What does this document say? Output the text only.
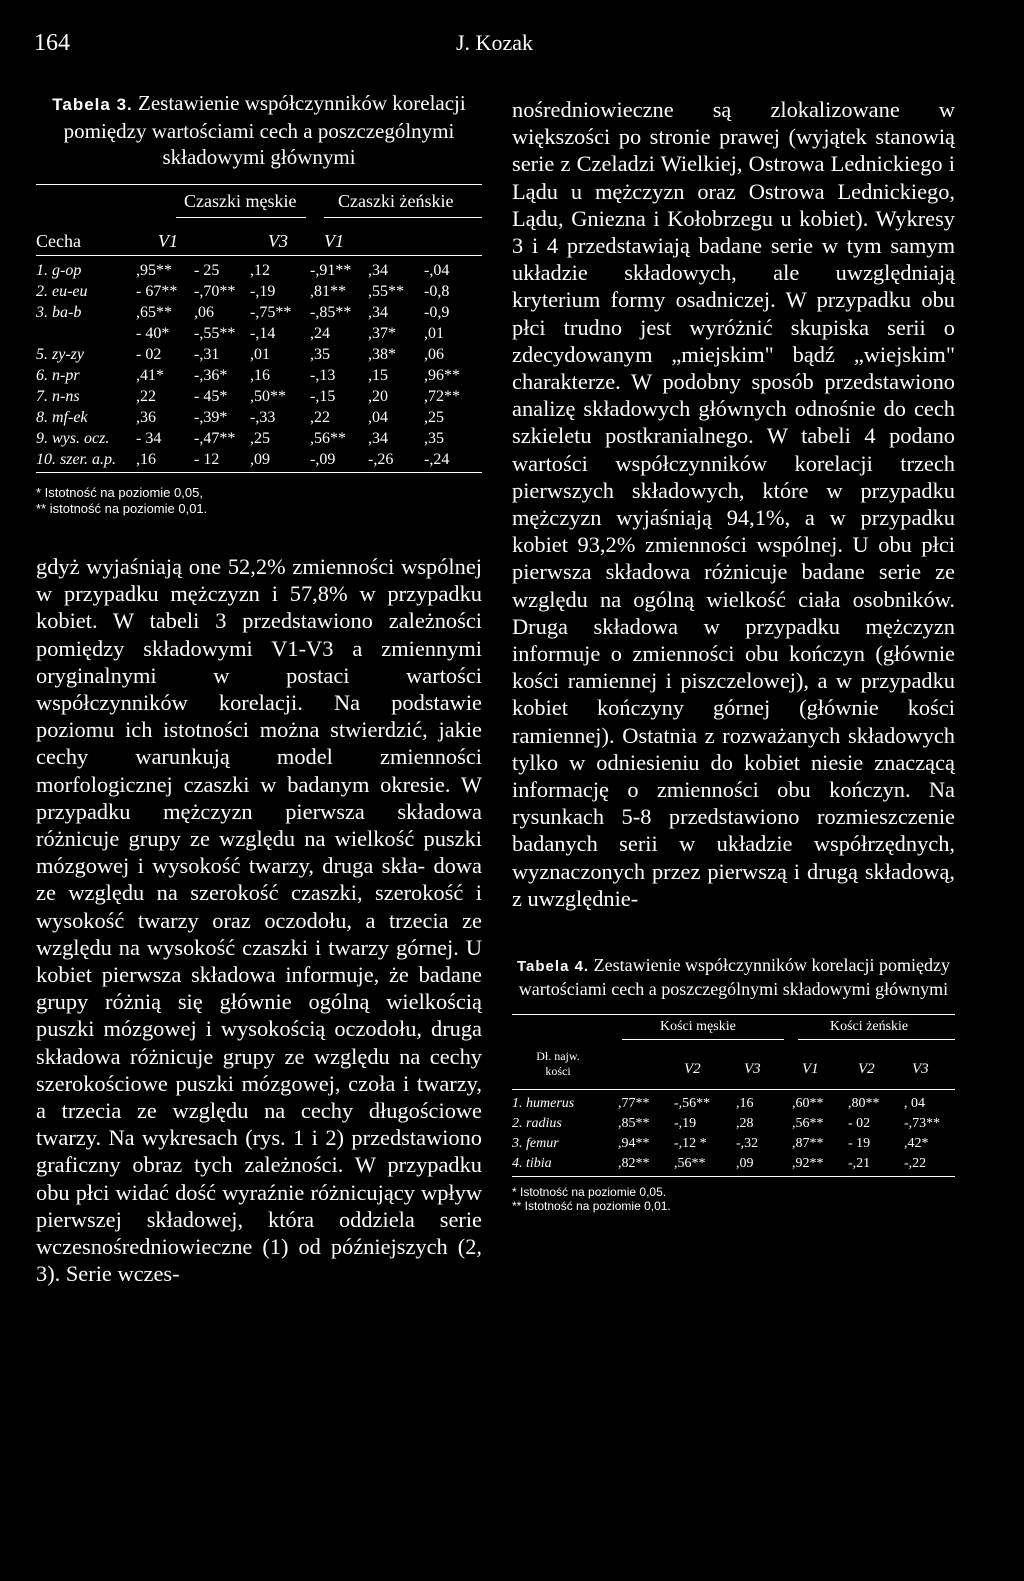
164	J. Kozak
Tabela 3. Zestawienie współczynników korelacji pomiędzy wartościami cech a poszczególnymi składowymi głównymi
Czaszki męskie Czaszki żeńskie
Cecha	V1	V3 V1
1. g-op	,95**	- 25	,12	-,91**	,34	-,04
2. eu-eu	- 67**	-,70**	-,19	,81**	,55**	-0,8
3. ba-b	,65**	,06	-,75**	-,85**	,34	-0,9
	- 40*	-,55**	-,14	,24	,37*	,01
5. zy-zy	- 02	-,31	,01	,35	,38*	,06
6. n-pr	,41*	-,36*	,16	-,13	,15	,96**
7. n-ns	,22	- 45*	,50**	-,15	,20	,72**
8. mf-ek	,36	-,39*	-,33	,22	,04	,25
9. wys. ocz.	- 34	-,47**	,25	,56**	,34	,35
10. szer. a.p.	,16	- 12	,09	-,09	-,26	-,24
* Istotność na poziomie 0,05,
** istotność na poziomie 0,01.

gdyż wyjaśniają one 52,2% zmienności wspólnej w przypadku mężczyzn i 57,8% w przypadku kobiet. W tabeli 3 przedstawiono zależności pomiędzy składowymi V1-V3 a zmiennymi oryginalnymi w postaci wartości współczynników korelacji. Na podstawie poziomu ich istotności można stwierdzić, jakie cechy warunkują model zmienności morfologicznej czaszki w badanym okresie. W przypadku mężczyzn pierwsza składowa różnicuje grupy ze względu na wielkość puszki mózgowej i wysokość twarzy, druga skła- dowa ze względu na szerokość czaszki, szerokość i wysokość twarzy oraz oczodołu, a trzecia ze względu na wysokość czaszki i twarzy górnej. U kobiet pierwsza składowa informuje, że badane grupy różnią się głównie ogólną wielkością puszki mózgowej i wysokością oczodołu, druga składowa różnicuje grupy ze względu na cechy szerokościowe puszki mózgowej, czoła i twarzy, a trzecia ze względu na cechy długościowe twarzy. Na wykresach (rys. 1 i 2) przedstawiono graficzny obraz tych zależności. W przypadku obu płci widać dość wyraźnie różnicujący wpływ pierwszej składowej, która oddziela serie wczesnośredniowieczne (1) od późniejszych (2, 3). Serie wczes-

nośredniowieczne są zlokalizowane w większości po stronie prawej (wyjątek stanowią serie z Czeladzi Wielkiej, Ostrowa Lednickiego i Lądu u mężczyzn oraz Ostrowa Lednickiego, Lądu, Gniezna i Kołobrzegu u kobiet). Wykresy 3 i 4 przedstawiają badane serie w tym samym układzie składowych, ale uwzględniają kryterium formy osadniczej. W przypadku obu płci trudno jest wyróżnić skupiska serii o zdecydowanym „miejskim" bądź „wiejskim" charakterze. W podobny sposób przedstawiono analizę składowych głównych odnośnie do cech szkieletu postkranialnego. W tabeli 4 podano wartości współczynników korelacji trzech pierwszych składowych, które w przypadku mężczyzn wyjaśniają 94,1%, a w przypadku kobiet 93,2% zmienności wspólnej. U obu płci pierwsza składowa różnicuje badane serie ze względu na ogólną wielkość ciała osobników. Druga składowa w przypadku mężczyzn informuje o zmienności obu kończyn (głównie kości ramiennej i piszczelowej), a w przypadku kobiet kończyny górnej (głównie kości ramiennej). Ostatnia z rozważanych składowych tylko w odniesieniu do kobiet niesie znaczącą informację o zmienności obu kończyn. Na rysunkach 5-8 przedstawiono rozmieszczenie badanych serii w układzie współrzędnych, wyznaczonych przez pierwszą i drugą składową, z uwzględnie-

Tabela 4. Zestawienie współczynników korelacji pomiędzy wartościami cech a poszczególnymi składowymi głównymi
Kości męskie	Kości żeńskie
Dł. najw. kości	V2	V3	V1	V2 V3
1. humerus	,77**	-,56**	,16	,60**	,80**	, 04
2. radius	,85**	-,19	,28	,56**	- 02	-,73**
3. femur	,94**	-,12 *	-,32	,87**	- 19	,42*
4. tibia	,82**	,56**	,09	,92**	-,21	-,22
* Istotność na poziomie 0,05.
** Istotność na poziomie 0,01.
